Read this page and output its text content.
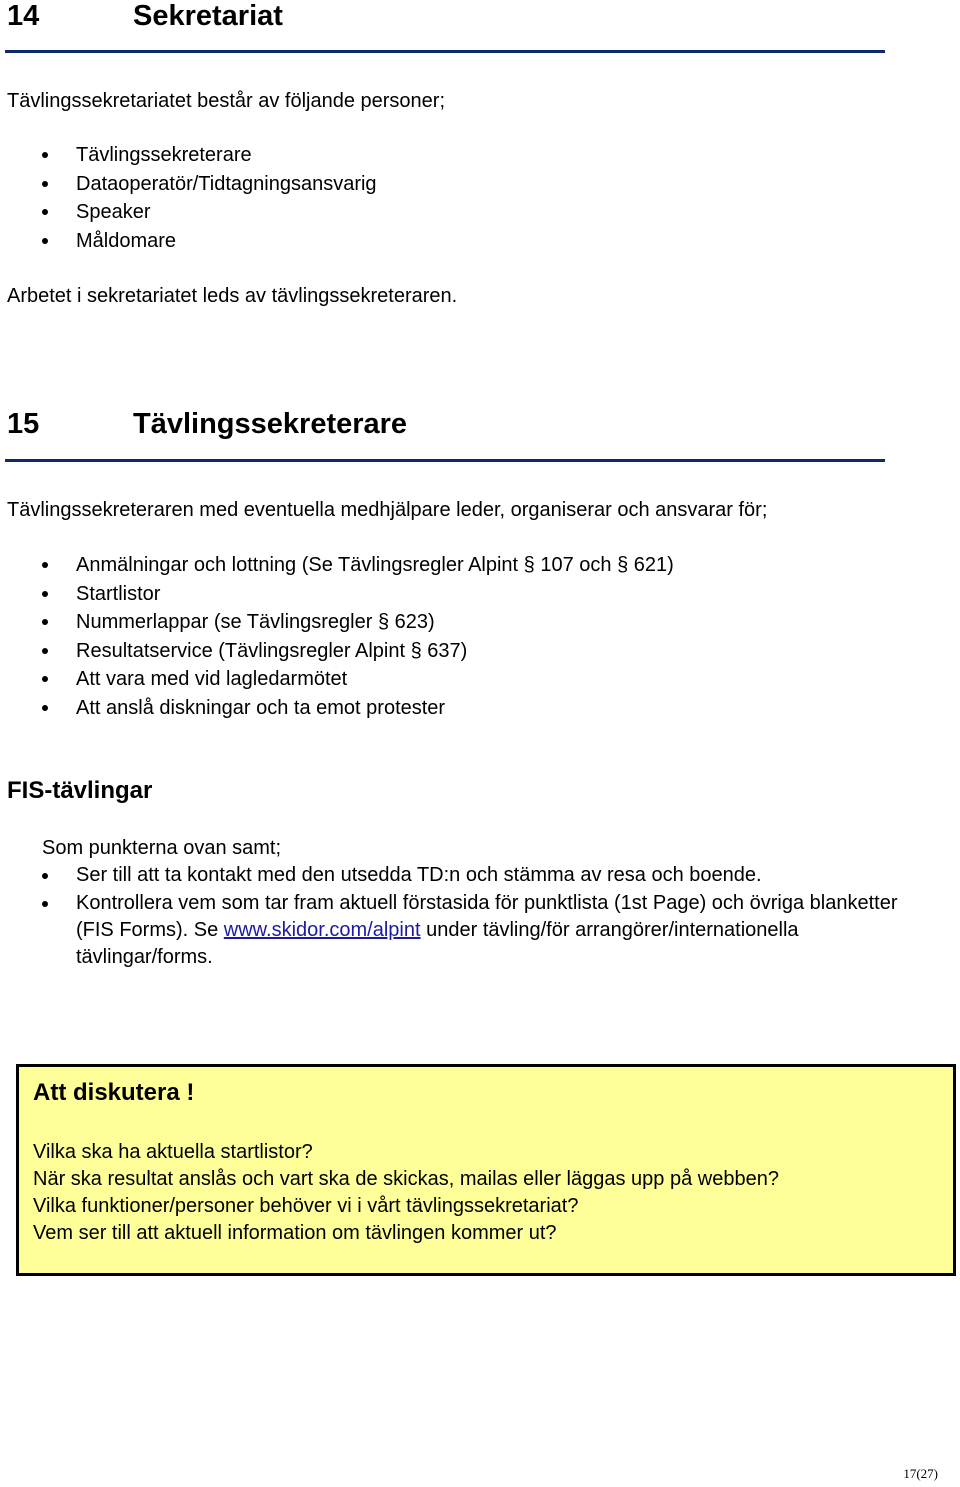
14	Sekretariat

Tävlingssekretariatet består av följande personer;

Tävlingssekreterare
Dataoperatör/Tidtagningsansvarig
Speaker
Måldomare

Arbetet i sekretariatet leds av tävlingssekreteraren.

15	Tävlingssekreterare

Tävlingssekreteraren med eventuella medhjälpare leder, organiserar och ansvarar för;

Anmälningar och lottning (Se Tävlingsregler Alpint § 107 och § 621)
Startlistor
Nummerlappar (se Tävlingsregler § 623)
Resultatservice (Tävlingsregler Alpint § 637)
Att vara med vid lagledarmötet
Att anslå diskningar och ta emot protester
FIS-tävlingar

Som punkterna ovan samt;

Ser till att ta kontakt med den utsedda TD:n och stämma av resa och boende.
Kontrollera vem som tar fram aktuell förstasida för punktlista (1st Page) och övriga blanketter (FIS Forms). Se www.skidor.com/alpint under tävling/för arrangörer/internationella tävlingar/forms.
Att diskutera !
Vilka ska ha aktuella startlistor?
När ska resultat anslås och vart ska de skickas, mailas eller läggas upp på webben?
Vilka funktioner/personer behöver vi i vårt tävlingssekretariat?
Vem ser till att aktuell information om tävlingen kommer ut?
17(27)
